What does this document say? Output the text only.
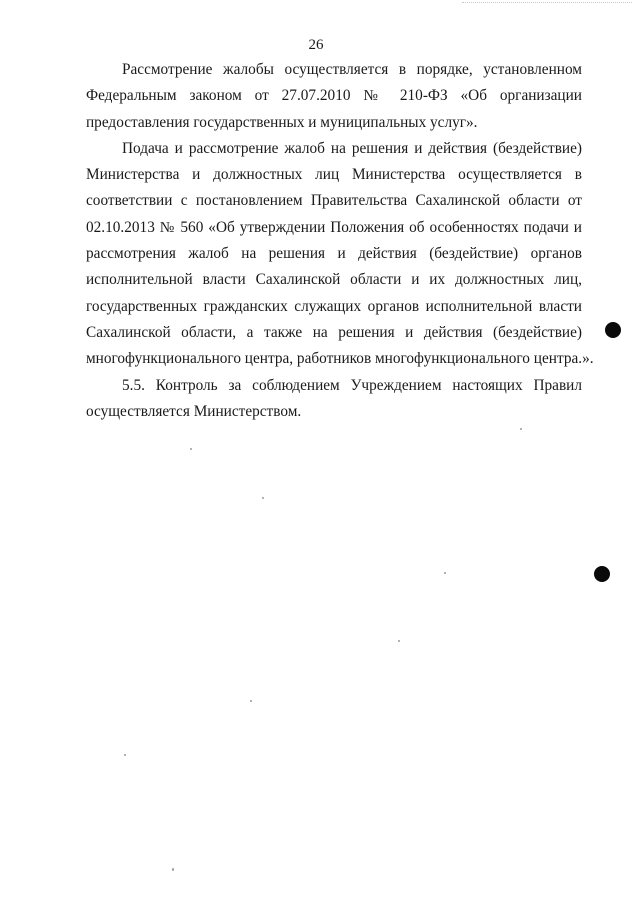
26
Рассмотрение жалобы осуществляется в порядке, установленном
Федеральным законом от 27.07.2010 № 210-ФЗ «Об организации
предоставления государственных и муниципальных услуг».
Подача и рассмотрение жалоб на решения и действия (бездействие)
Министерства и должностных лиц Министерства осуществляется в
соответствии с постановлением Правительства Сахалинской области от
02.10.2013 № 560 «Об утверждении Положения об особенностях подачи и
рассмотрения жалоб на решения и действия (бездействие) органов
исполнительной власти Сахалинской области и их должностных лиц,
государственных гражданских служащих органов исполнительной власти
Сахалинской области, а также на решения и действия (бездействие)
многофункционального центра, работников многофункционального центра.».
5.5. Контроль за соблюдением Учреждением настоящих Правил
осуществляется Министерством.
